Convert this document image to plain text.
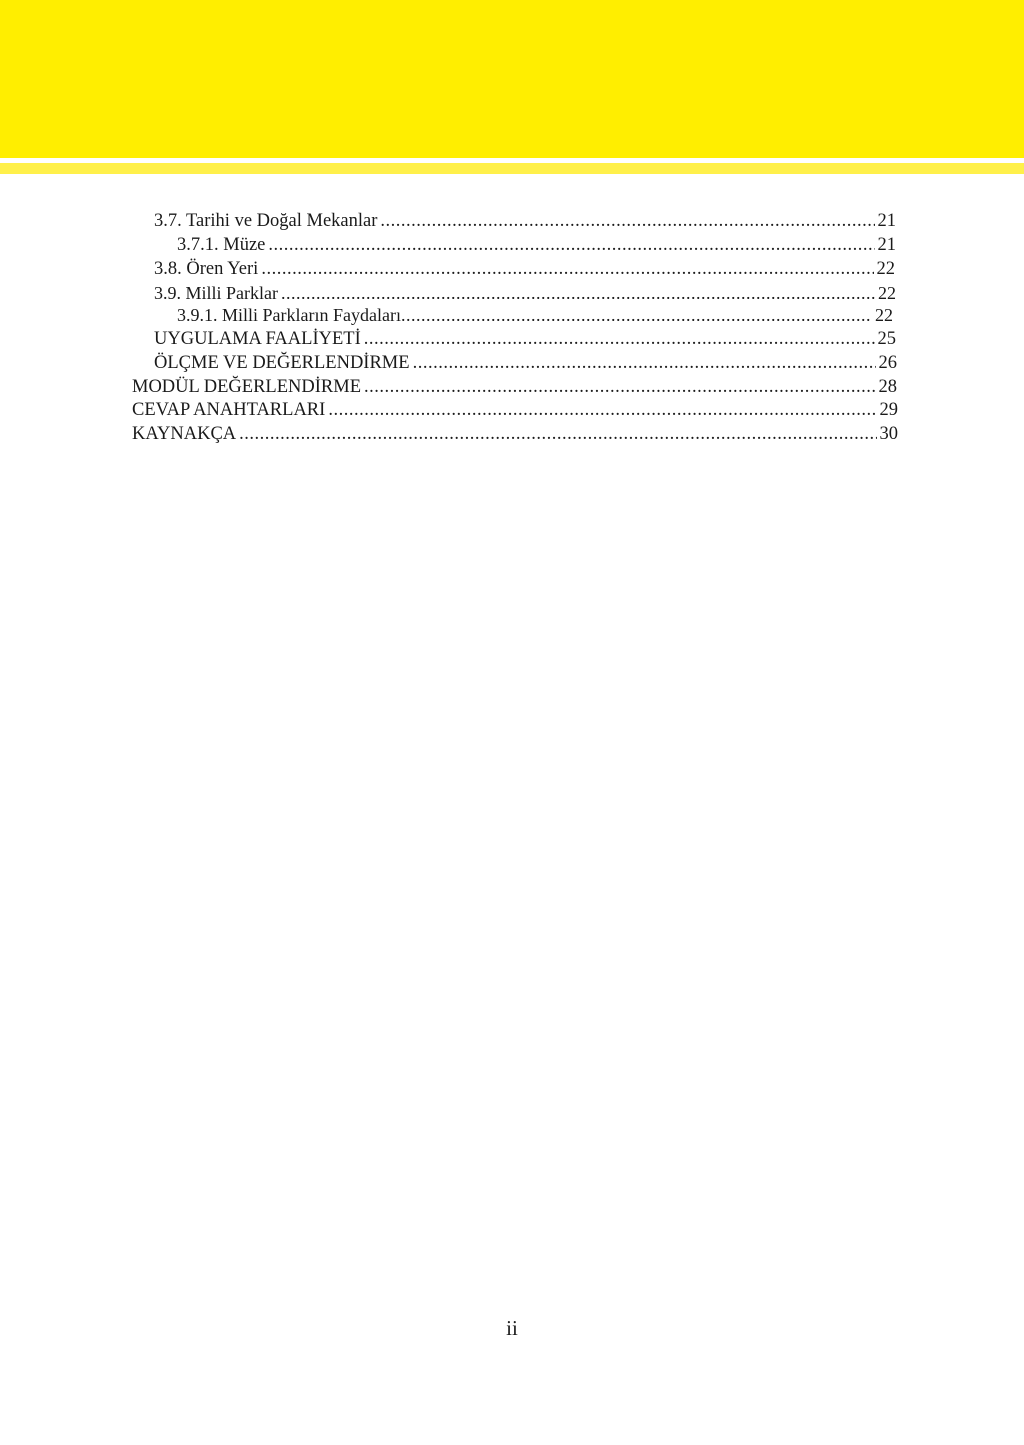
3.7. Tarihi ve Doğal Mekanlar .....	21
3.7.1. Müze .....	21
3.8. Ören Yeri .....	22
3.9. Milli Parklar .....	22
3.9.1. Milli Parkların Faydaları .....	22
UYGULAMA FAALİYETİ .....	25
ÖLÇME VE DEĞERLENDİRME .....	26
MODÜL DEĞERLENDİRME .....	28
CEVAP ANAHTARLARI .....	29
KAYNAKÇA .....	30
ii
